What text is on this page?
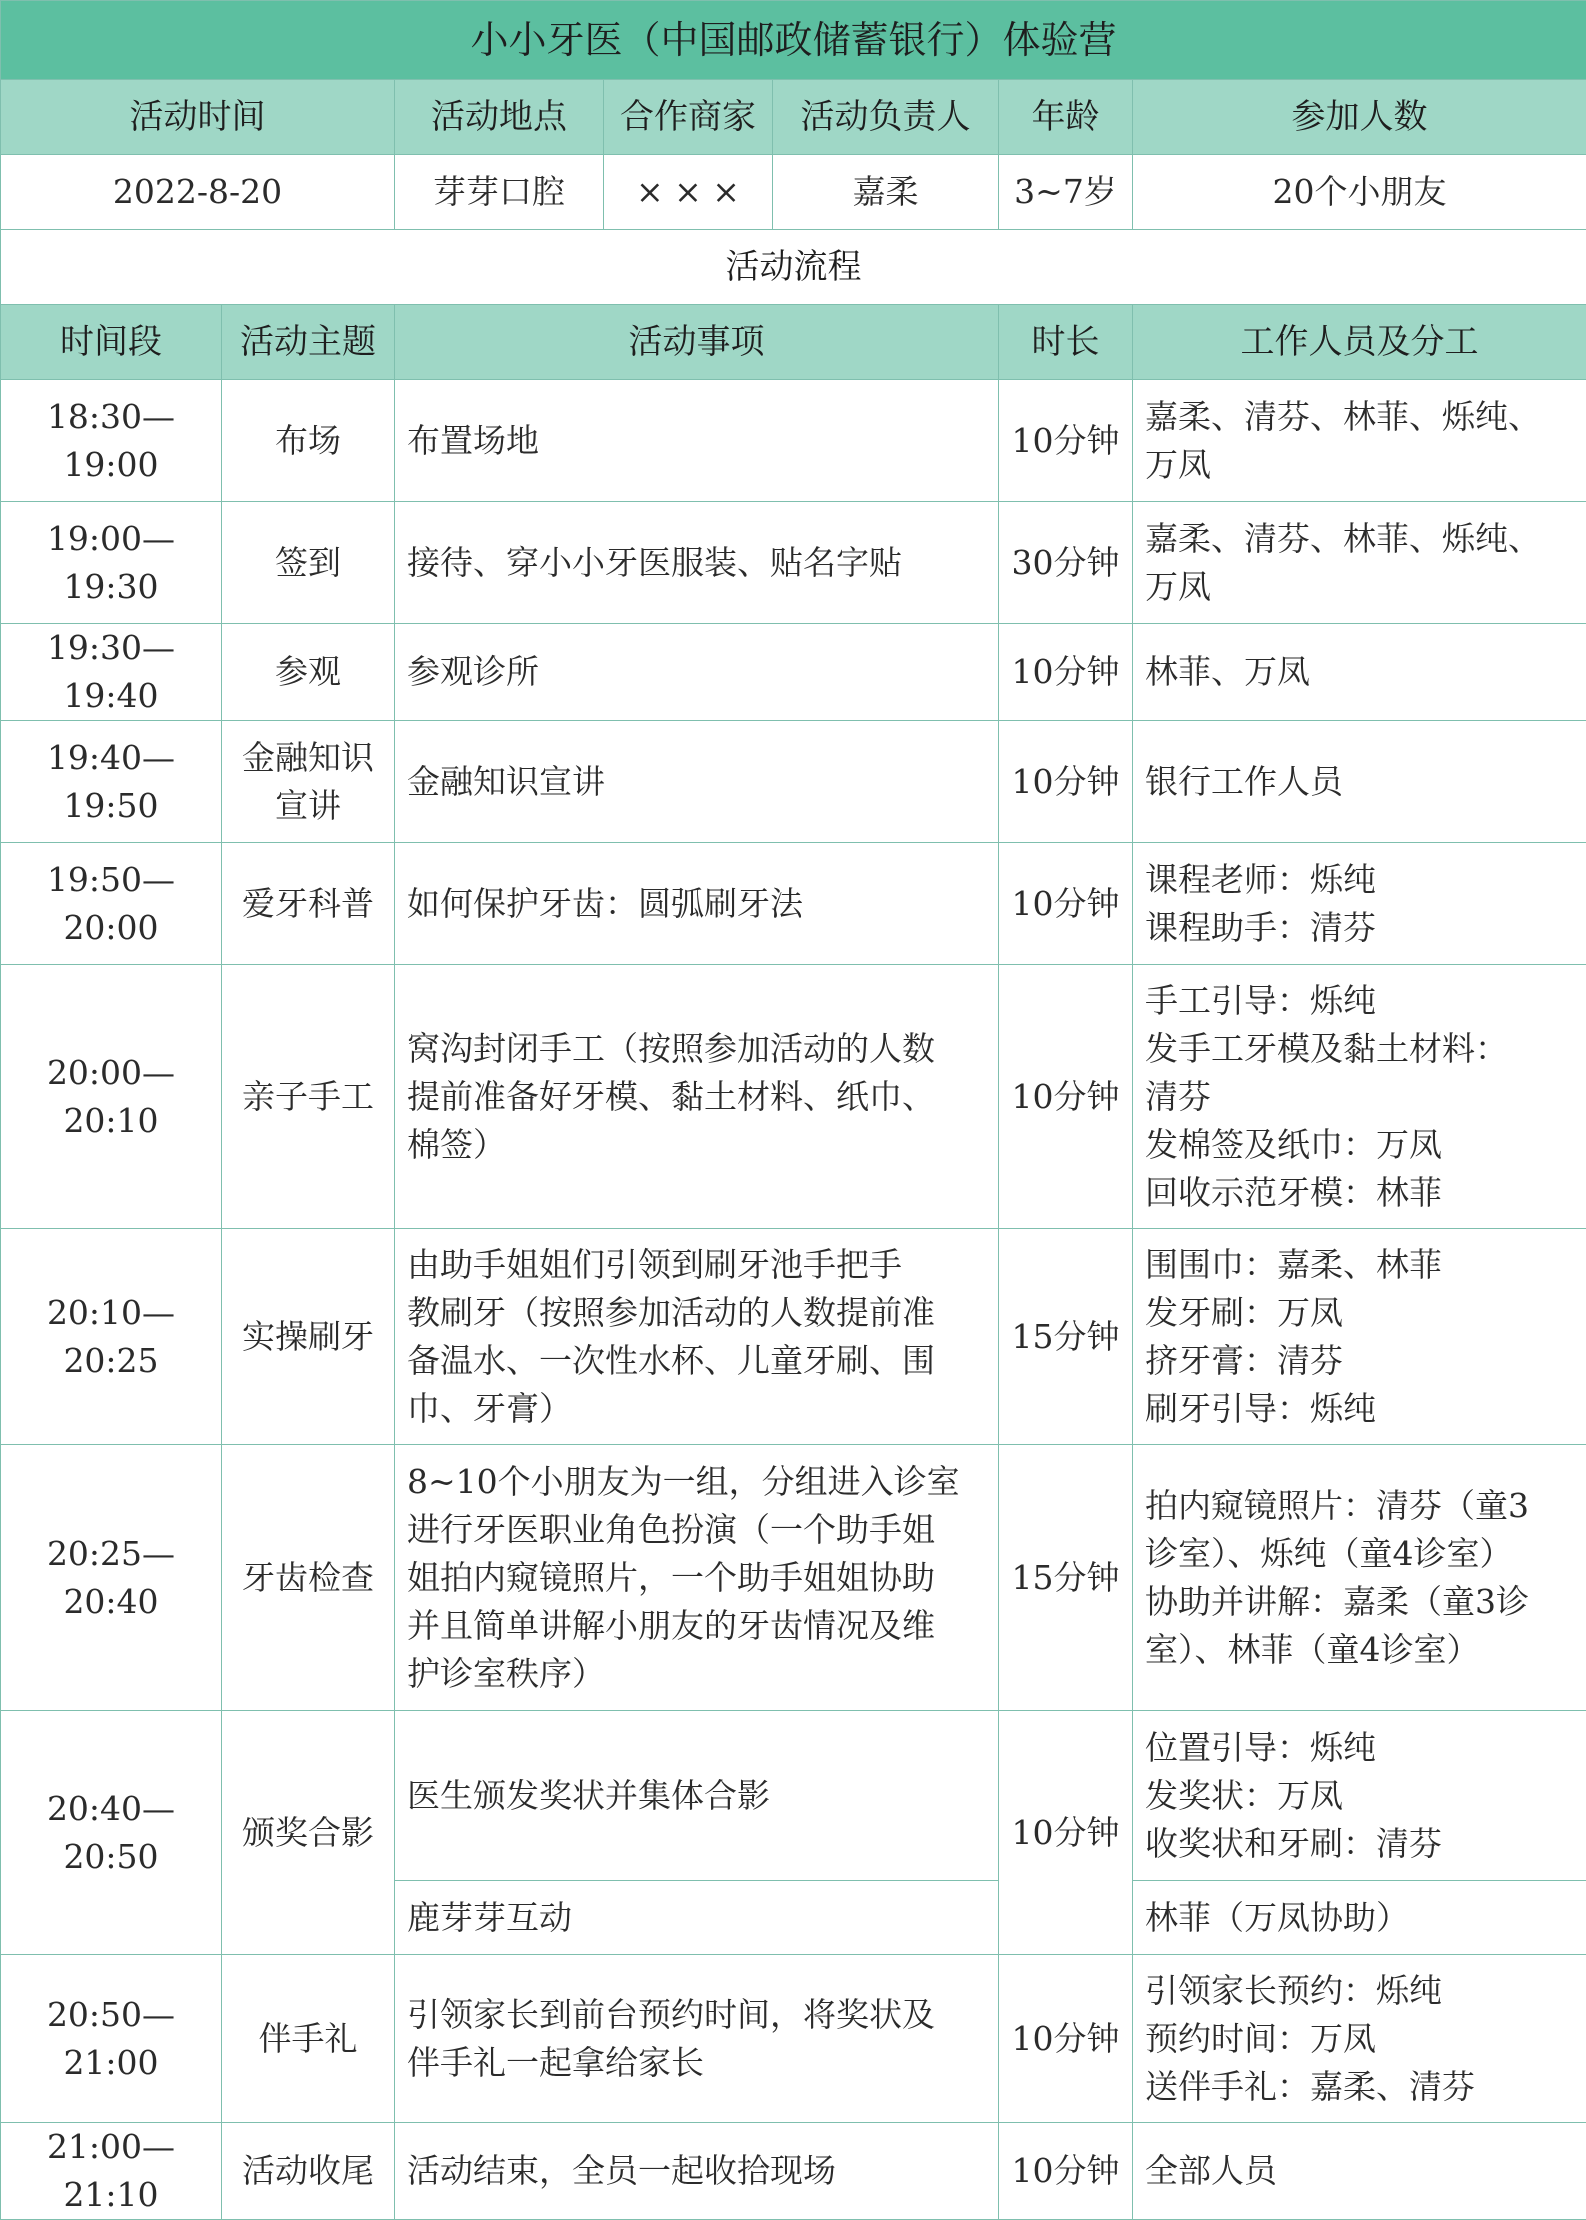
小小牙医（中国邮政储蓄银行）体验营						
活动时间		活动地点	合作商家	活动负责人	年龄	参加人数
2022-8-20		芽芽口腔	× × ×	嘉柔	3~7岁	20个小朋友
活动流程						
时间段	活动主题	活动事项			时长	工作人员及分工
18:30—19:00	布场	布置场地			10分钟	嘉柔、清芬、林菲、烁纯、
万凤
19:00—19:30	签到	接待、穿小小牙医服装、贴名字贴			30分钟	嘉柔、清芬、林菲、烁纯、
万凤
19:30—19:40	参观	参观诊所			10分钟	林菲、万凤
19:40—19:50	金融知识
宣讲	金融知识宣讲			10分钟	银行工作人员
19:50—20:00	爱牙科普	如何保护牙齿：圆弧刷牙法			10分钟	课程老师：烁纯
课程助手：清芬
20:00—20:10	亲子手工	窝沟封闭手工（按照参加活动的人数
提前准备好牙模、黏土材料、纸巾、
棉签）			10分钟	手工引导：烁纯
发手工牙模及黏土材料：
清芬
发棉签及纸巾：万凤
回收示范牙模：林菲
20:10—20:25	实操刷牙	由助手姐姐们引领到刷牙池手把手
教刷牙（按照参加活动的人数提前准
备温水、一次性水杯、儿童牙刷、围
巾、牙膏）			15分钟	围围巾：嘉柔、林菲
发牙刷：万凤
挤牙膏：清芬
刷牙引导：烁纯
20:25—20:40	牙齿检查	8~10个小朋友为一组，分组进入诊室
进行牙医职业角色扮演（一个助手姐
姐拍内窥镜照片，一个助手姐姐协助
并且简单讲解小朋友的牙齿情况及维
护诊室秩序）			15分钟	拍内窥镜照片：清芬（童3
诊室）、烁纯（童4诊室）
协助并讲解：嘉柔（童3诊
室）、林菲（童4诊室）
20:40—20:50	颁奖合影	医生颁发奖状并集体合影			10分钟	位置引导：烁纯
发奖状：万凤
收奖状和牙刷：清芬
		鹿芽芽互动				林菲（万凤协助）
20:50—21:00	伴手礼	引领家长到前台预约时间，将奖状及
伴手礼一起拿给家长			10分钟	引领家长预约：烁纯
预约时间：万凤
送伴手礼：嘉柔、清芬
21:00—21:10	活动收尾	活动结束，全员一起收拾现场			10分钟	全部人员
